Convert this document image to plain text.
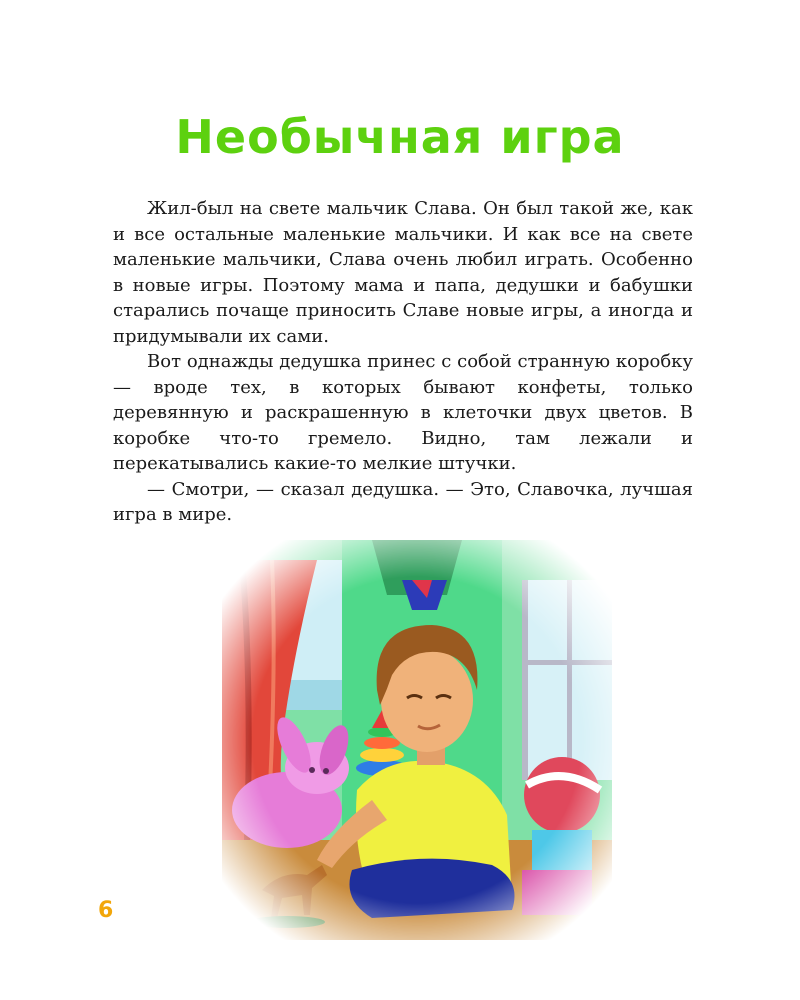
Необычная игра

Жил-был на свете мальчик Слава. Он был такой же, как и все остальные маленькие мальчики. И как все на свете маленькие мальчики, Слава очень любил играть. Особенно в новые игры. Поэтому мама и папа, дедушки и бабушки старались почаще приносить Славе новые игры, а иногда и придумывали их сами.

Вот однажды дедушка принес с собой странную коробку — вроде тех, в которых бывают конфеты, только деревянную и раскрашенную в клеточки двух цветов. В коробке что-то гремело. Видно, там лежали и перекатывались какие-то мелкие штучки.

— Смотри, — сказал дедушка. — Это, Славочка, лучшая игра в мире.

6
